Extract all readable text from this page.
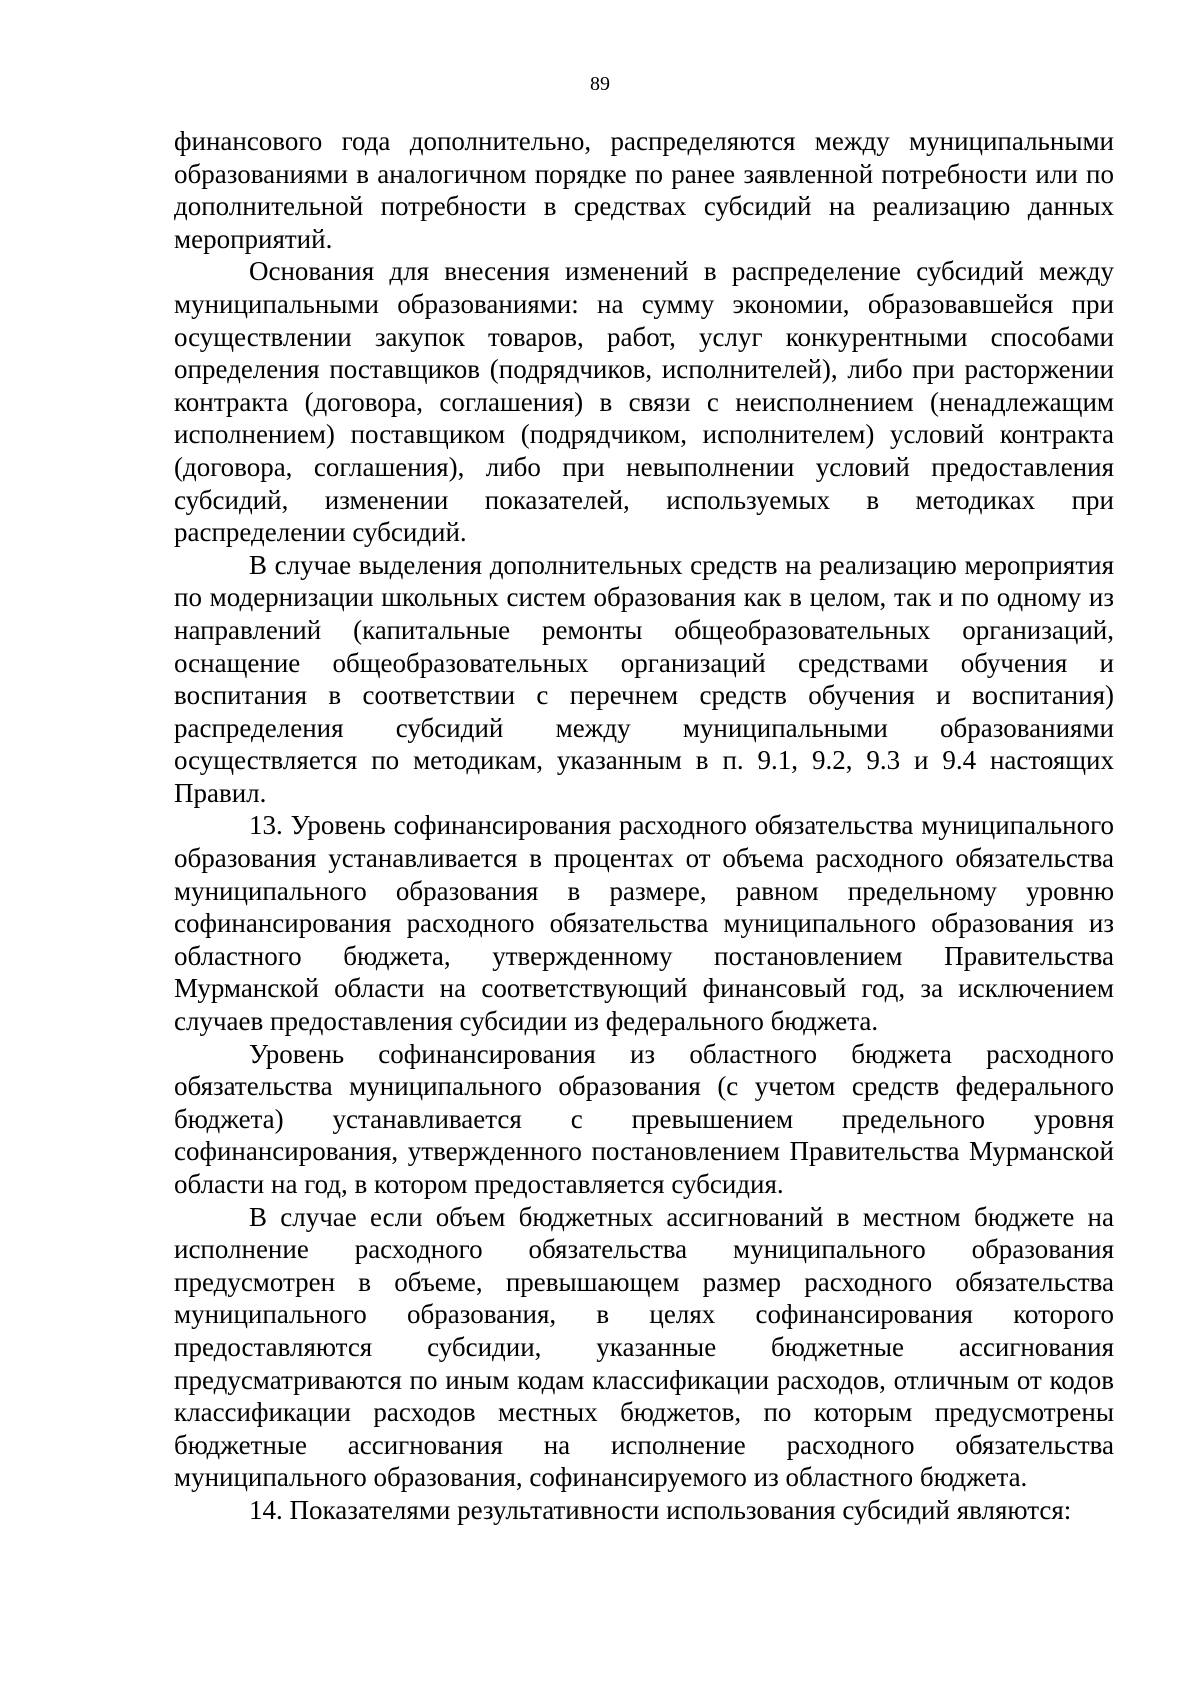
89

финансового года дополнительно, распределяются между муниципальными образованиями в аналогичном порядке по ранее заявленной потребности или по дополнительной потребности в средствах субсидий на реализацию данных мероприятий.

Основания для внесения изменений в распределение субсидий между муниципальными образованиями: на сумму экономии, образовавшейся при осуществлении закупок товаров, работ, услуг конкурентными способами определения поставщиков (подрядчиков, исполнителей), либо при расторжении контракта (договора, соглашения) в связи с неисполнением (ненадлежащим исполнением) поставщиком (подрядчиком, исполнителем) условий контракта (договора, соглашения), либо при невыполнении условий предоставления субсидий, изменении показателей, используемых в методиках при распределении субсидий.

В случае выделения дополнительных средств на реализацию мероприятия по модернизации школьных систем образования как в целом, так и по одному из направлений (капитальные ремонты общеобразовательных организаций, оснащение общеобразовательных организаций средствами обучения и воспитания в соответствии с перечнем средств обучения и воспитания) распределения субсидий между муниципальными образованиями осуществляется по методикам, указанным в п. 9.1, 9.2, 9.3 и 9.4 настоящих Правил.

13. Уровень софинансирования расходного обязательства муниципального образования устанавливается в процентах от объема расходного обязательства муниципального образования в размере, равном предельному уровню софинансирования расходного обязательства муниципального образования из областного бюджета, утвержденному постановлением Правительства Мурманской области на соответствующий финансовый год, за исключением случаев предоставления субсидии из федерального бюджета.

Уровень софинансирования из областного бюджета расходного обязательства муниципального образования (с учетом средств федерального бюджета) устанавливается с превышением предельного уровня софинансирования, утвержденного постановлением Правительства Мурманской области на год, в котором предоставляется субсидия.

В случае если объем бюджетных ассигнований в местном бюджете на исполнение расходного обязательства муниципального образования предусмотрен в объеме, превышающем размер расходного обязательства муниципального образования, в целях софинансирования которого предоставляются субсидии, указанные бюджетные ассигнования предусматриваются по иным кодам классификации расходов, отличным от кодов классификации расходов местных бюджетов, по которым предусмотрены бюджетные ассигнования на исполнение расходного обязательства муниципального образования, софинансируемого из областного бюджета.

14. Показателями результативности использования субсидий являются:
